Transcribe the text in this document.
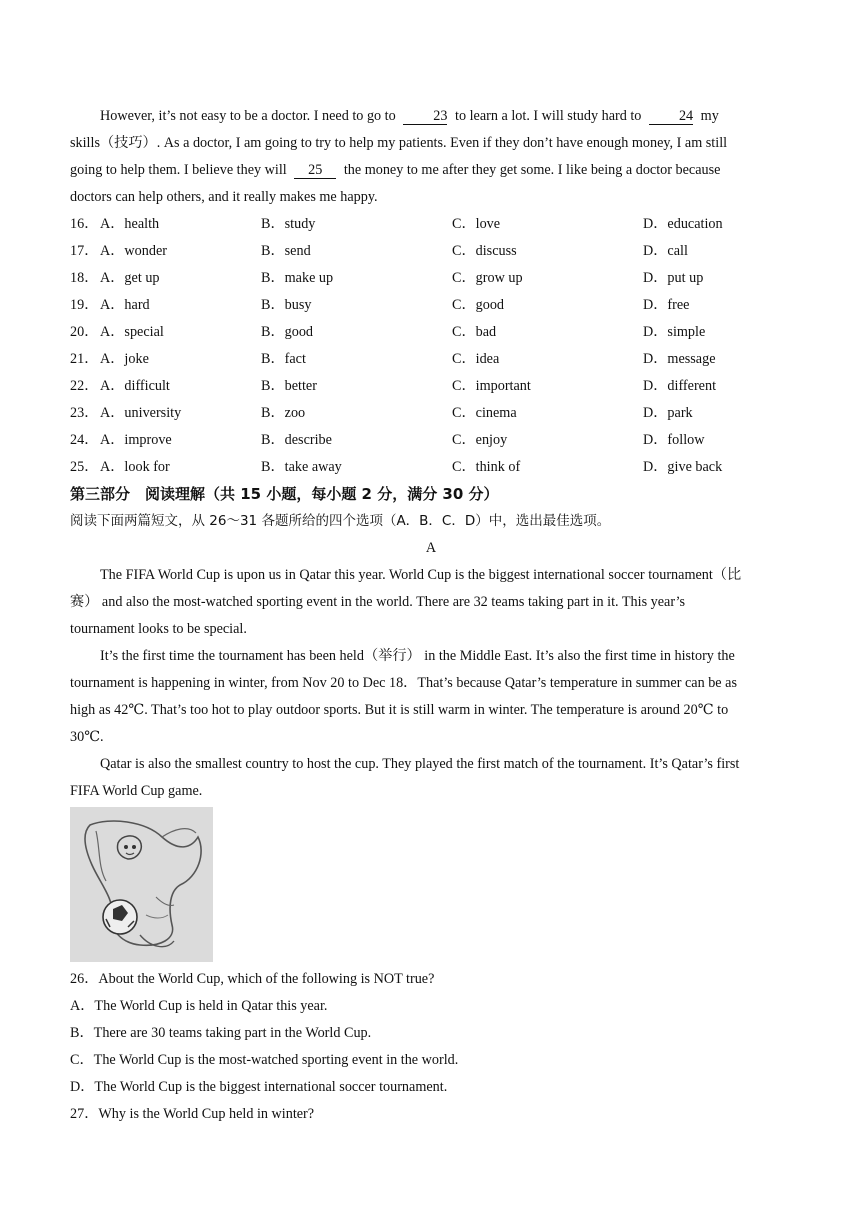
However, it’s not easy to be a doctor. I need to go to	23 to learn a lot. I will study hard to	24 my
skills（技巧）. As a doctor, I am going to try to help my patients. Even if they don’t have enough money, I am still
going to help them. I believe they will 25 the money to me after they get some. I like being a doctor because
doctors can help others, and it really makes me happy.
16． A．health	B．study	C．love	D．education
17． A．wonder	B．send	C．discuss	D．call
18． A．get up	B．make up	C．grow up	D．put up
19． A．hard	B．busy	C．good	D．free
20． A．special	B．good	C．bad	D．simple
21． A．joke	B．fact	C．idea	D．message
22． A．difficult	B．better	C．important	D．different
23． A．university	B．zoo	C．cinema	D．park
24． A．improve	B．describe	C．enjoy	D．follow
25． A．look for	B．take away	C．think of	D．give back
第三部分　阅读理解（共 15 小题，每小题 2 分，满分 30 分）
阅读下面两篇短文，从 26～31 各题所给的四个选项（A．B．C．D）中，选出最佳选项。
A
The FIFA World Cup is upon us in Qatar this year. World Cup is the biggest international soccer tournament（比
赛） and also the most-watched sporting event in the world. There are 32 teams taking part in it. This year’s
tournament looks to be special.
It’s the first time the tournament has been held（举行） in the Middle East. It’s also the first time in history the
tournament is happening in winter, from Nov 20 to Dec 18．That’s because Qatar’s temperature in summer can be as
high as 42℃. That’s too hot to play outdoor sports. But it is still warm in winter. The temperature is around 20℃ to
30℃.
Qatar is also the smallest country to host the cup. They played the first match of the tournament. It’s Qatar’s first
FIFA World Cup game.
26．About the World Cup, which of the following is NOT true?
A．The World Cup is held in Qatar this year.
B．There are 30 teams taking part in the World Cup.
C．The World Cup is the most-watched sporting event in the world.
D．The World Cup is the biggest international soccer tournament.
27．Why is the World Cup held in winter?
